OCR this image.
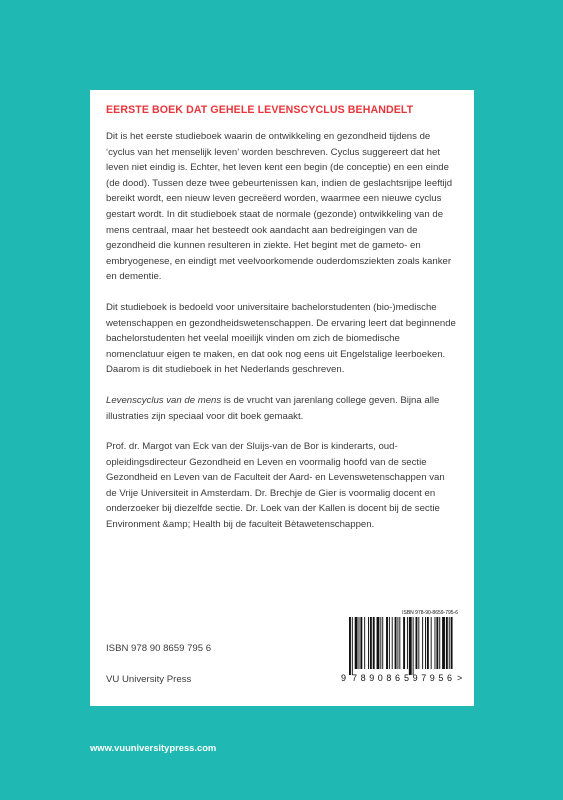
EERSTE BOEK DAT GEHELE LEVENSCYCLUS BEHANDELT

Dit is het eerste studieboek waarin de ontwikkeling en gezondheid tijdens de ‘cyclus van het menselijk leven’ worden beschreven. Cyclus suggereert dat het leven niet eindig is. Echter, het leven kent een begin (de conceptie) en een einde (de dood). Tussen deze twee gebeurtenissen kan, indien de geslachtsrijpe leeftijd bereikt wordt, een nieuw leven gecreëerd worden, waarmee een nieuwe cyclus gestart wordt. In dit studieboek staat de normale (gezonde) ontwikkeling van de mens centraal, maar het besteedt ook aandacht aan bedreigingen van de gezondheid die kunnen resulteren in ziekte. Het begint met de gameto- en embryogenese, en eindigt met veelvoorkomende ouderdomsziekten zoals kanker en dementie.

Dit studieboek is bedoeld voor universitaire bachelorstudenten (bio-)medische wetenschappen en gezondheidswetenschappen. De ervaring leert dat beginnende bachelorstudenten het veelal moeilijk vinden om zich de biomedische nomenclatuur eigen te maken, en dat ook nog eens uit Engelstalige leerboeken. Daarom is dit studieboek in het Nederlands geschreven.

Levenscyclus van de mens is de vrucht van jarenlang college geven. Bijna alle illustraties zijn speciaal voor dit boek gemaakt.

Prof. dr. Margot van Eck van der Sluijs-van de Bor is kinderarts, oud-opleidingsdirecteur Gezondheid en Leven en voormalig hoofd van de sectie Gezondheid en Leven van de Faculteit der Aard- en Levenswetenschappen van de Vrije Universiteit in Amsterdam. Dr. Brechje de Gier is voormalig docent en onderzoeker bij diezelfde sectie. Dr. Loek van der Kallen is docent bij de sectie Environment &amp; Health bij de faculteit Bètawetenschappen.

ISBN 978 90 8659 795 6
VU University Press
ISBN 978-90-8659-795-6
9 789086 597956 >
www.vuuniversitypress.com
